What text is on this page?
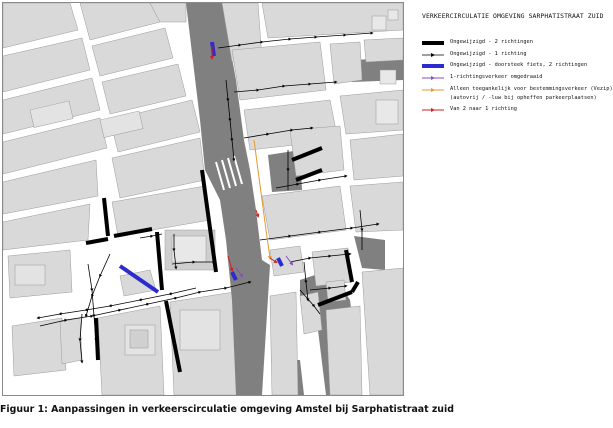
VERKEERCIRCULATIE OMGEVING SARPHATISTRAAT ZUID
Ongewijzigd - 2 richtingen
Ongewijzigd - 1 richting
Ongewijzigd - doorsteek fiets, 2 richtingen
1-richtingsverkeer omgedraaid
Alleen toegankelijk voor bestemmingsverkeer (Vezip)
(autovrij / -luw bij opheffen parkeerplaatsen)
Van 2 naar 1 richting
Figuur 1: Aanpassingen in verkeerscirculatie omgeving Amstel bij Sarphatistraat zuid
